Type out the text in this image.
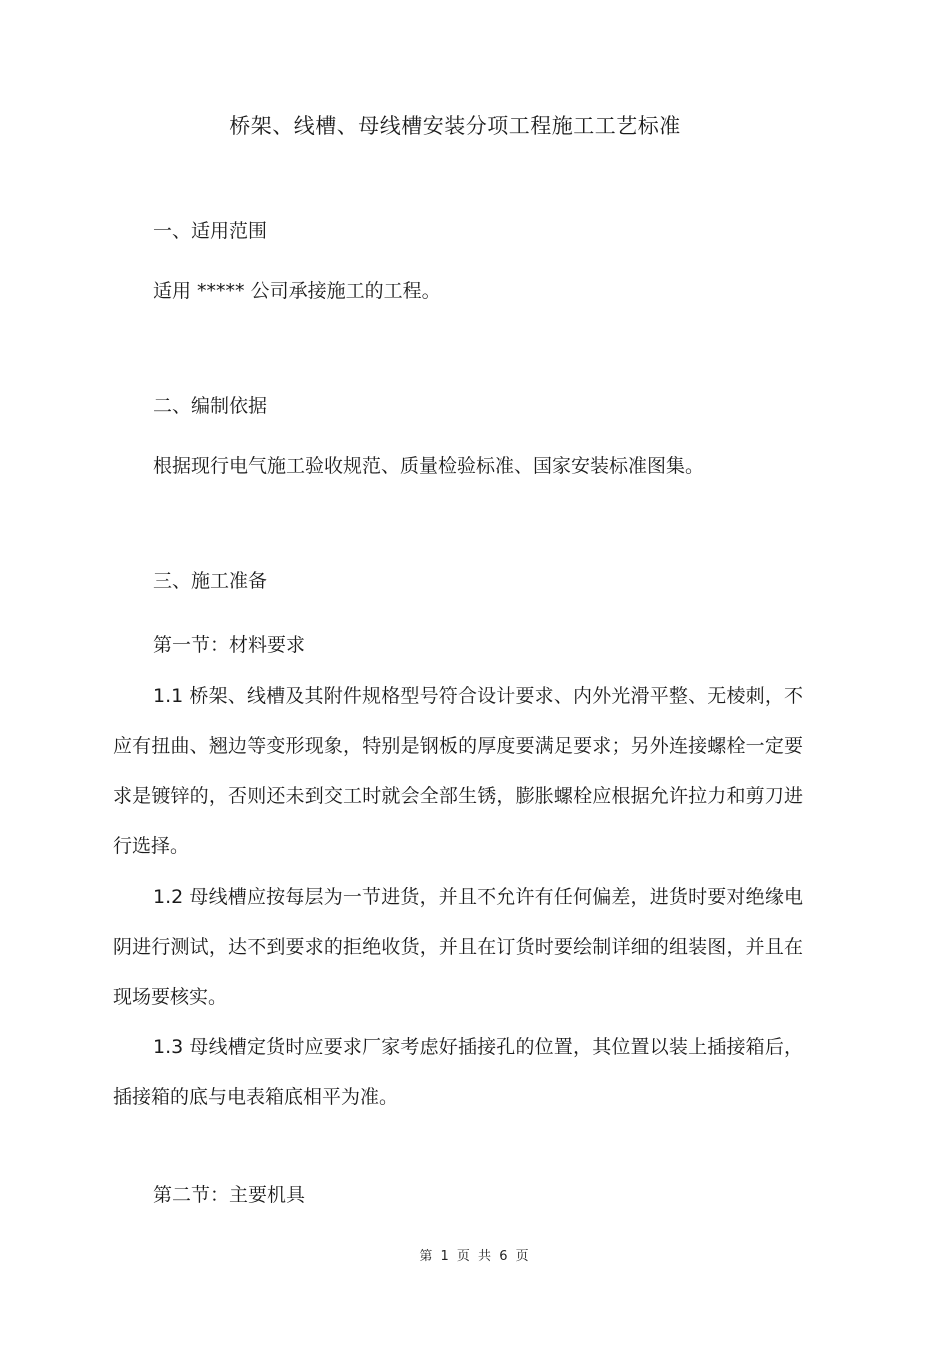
桥架、线槽、母线槽安装分项工程施工工艺标准
一、适用范围
适用 ***** 公司承接施工的工程。
二、编制依据
根据现行电气施工验收规范、质量检验标准、国家安装标准图集。
三、施工准备
第一节：材料要求
1.1 桥架、线槽及其附件规格型号符合设计要求、内外光滑平整、无棱刺，不应有扭曲、翘边等变形现象，特别是钢板的厚度要满足要求；另外连接螺栓一定要求是镀锌的，否则还未到交工时就会全部生锈，膨胀螺栓应根据允许拉力和剪刀进行选择。
1.2 母线槽应按每层为一节进货，并且不允许有任何偏差，进货时要对绝缘电阴进行测试，达不到要求的拒绝收货，并且在订货时要绘制详细的组装图，并且在现场要核实。
1.3 母线槽定货时应要求厂家考虑好插接孔的位置，其位置以装上插接箱后，插接箱的底与电表箱底相平为准。
第二节：主要机具
第 1 页 共 6 页
